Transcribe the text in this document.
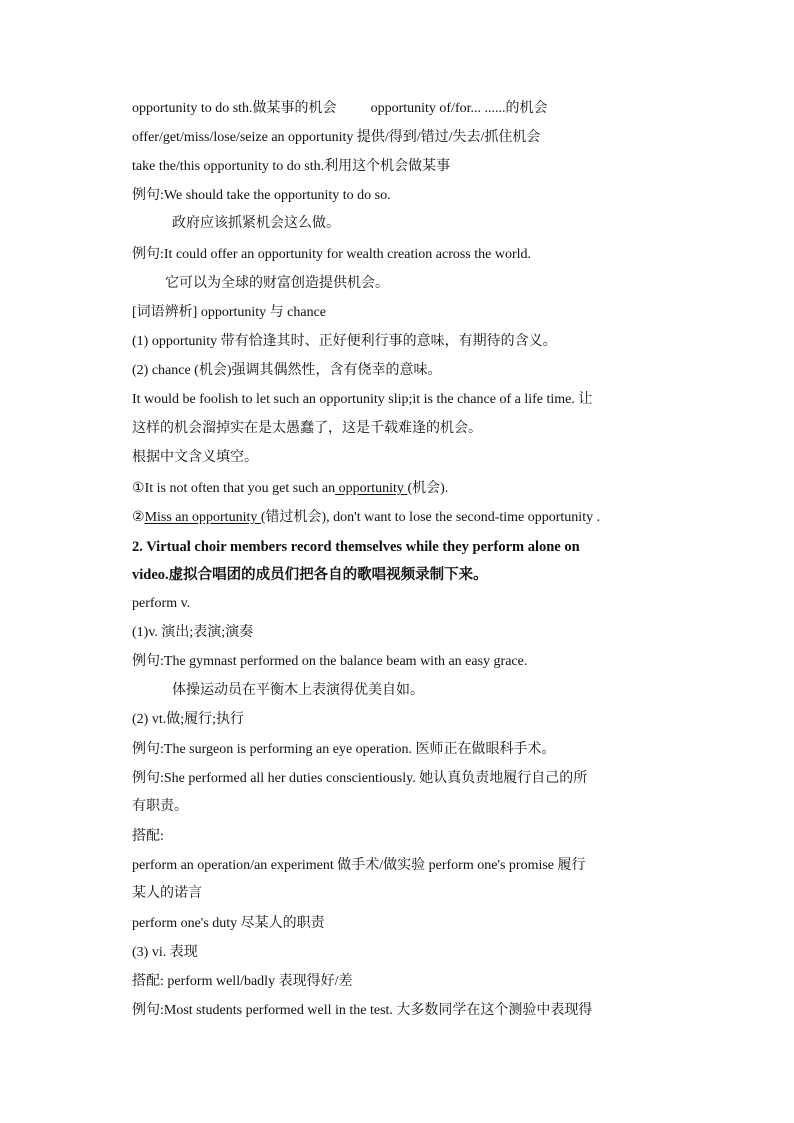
opportunity to do sth.做某事的机会 opportunity of/for... ......的机会
offer/get/miss/lose/seize an opportunity 提供/得到/错过/失去/抓住机会
take the/this opportunity to do sth.利用这个机会做某事
例句:We should take the opportunity to do so.
政府应该抓紧机会这么做。
例句:It could offer an opportunity for wealth creation across the world.
它可以为全球的财富创造提供机会。
[词语辨析] opportunity 与 chance
(1) opportunity 带有恰逢其时、正好便利行事的意味，有期待的含义。
(2) chance (机会)强调其偶然性，含有侥幸的意味。
It would be foolish to let such an opportunity slip;it is the chance of a life time. 让
这样的机会溜掉实在是太愚蠢了，这是千载难逢的机会。
根据中文含义填空。
①It is not often that you get such an opportunity (机会).
②Miss an opportunity (错过机会), don't want to lose the second-time opportunity .
2. Virtual choir members record themselves while they perform alone on
video.虚拟合唱团的成员们把各自的歌唱视频录制下来。
perform v.
(1)v. 演出;表演;演奏
例句:The gymnast performed on the balance beam with an easy grace.
体操运动员在平衡木上表演得优美自如。
(2) vt.做;履行;执行
例句:The surgeon is performing an eye operation. 医师正在做眼科手术。
例句:She performed all her duties conscientiously. 她认真负责地履行自己的所
有职责。
搭配:
perform an operation/an experiment 做手术/做实验 perform one's promise 履行
某人的诺言
perform one's duty 尽某人的职责
(3) vi. 表现
搭配: perform well/badly 表现得好/差
例句:Most students performed well in the test. 大多数同学在这个测验中表现得
